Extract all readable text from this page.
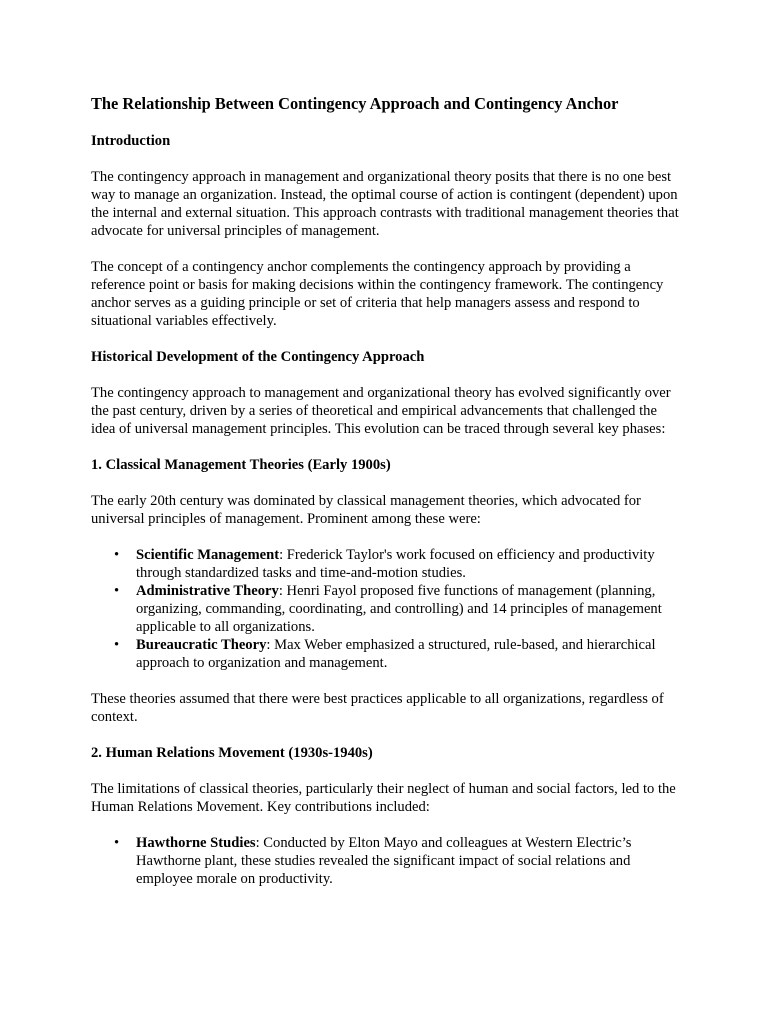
The Relationship Between Contingency Approach and Contingency Anchor
Introduction

The contingency approach in management and organizational theory posits that there is no one best way to manage an organization. Instead, the optimal course of action is contingent (dependent) upon the internal and external situation. This approach contrasts with traditional management theories that advocate for universal principles of management.

The concept of a contingency anchor complements the contingency approach by providing a reference point or basis for making decisions within the contingency framework. The contingency anchor serves as a guiding principle or set of criteria that help managers assess and respond to situational variables effectively.

Historical Development of the Contingency Approach

The contingency approach to management and organizational theory has evolved significantly over the past century, driven by a series of theoretical and empirical advancements that challenged the idea of universal management principles. This evolution can be traced through several key phases:

1. Classical Management Theories (Early 1900s)

The early 20th century was dominated by classical management theories, which advocated for universal principles of management. Prominent among these were:

• Scientific Management: Frederick Taylor's work focused on efficiency and productivity through standardized tasks and time-and-motion studies.
• Administrative Theory: Henri Fayol proposed five functions of management (planning, organizing, commanding, coordinating, and controlling) and 14 principles of management applicable to all organizations.
• Bureaucratic Theory: Max Weber emphasized a structured, rule-based, and hierarchical approach to organization and management.

These theories assumed that there were best practices applicable to all organizations, regardless of context.

2. Human Relations Movement (1930s-1940s)

The limitations of classical theories, particularly their neglect of human and social factors, led to the Human Relations Movement. Key contributions included:

• Hawthorne Studies: Conducted by Elton Mayo and colleagues at Western Electric’s Hawthorne plant, these studies revealed the significant impact of social relations and employee morale on productivity.
